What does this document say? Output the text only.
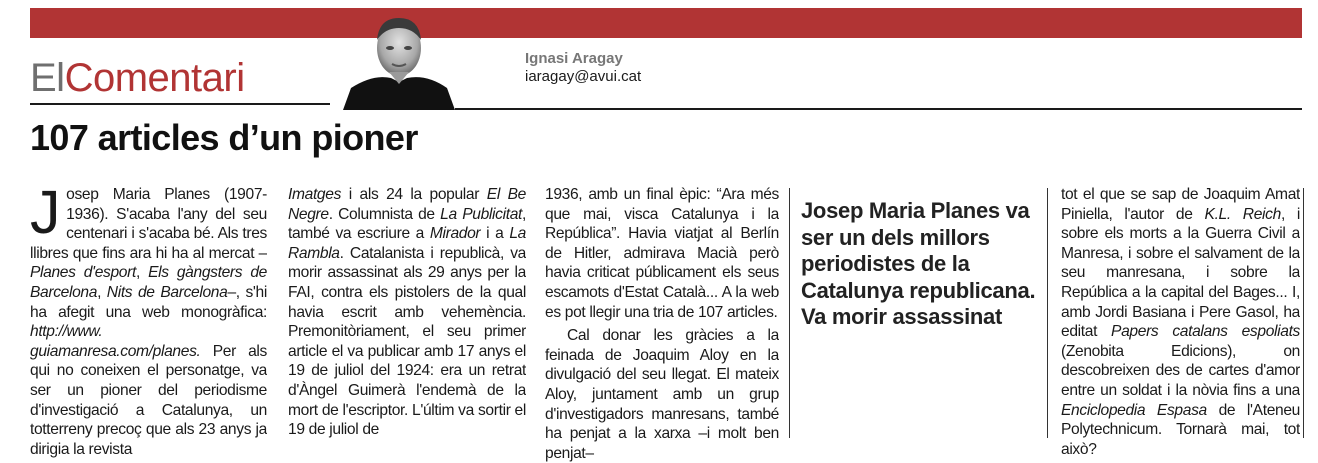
ElComentari	Ignasi Aragay
iaragay@avui.cat
107 articles d’un pioner

Josep Maria Planes (1907-1936). S'acaba l'any del seu centenari i s'acaba bé. Als tres llibres que fins ara hi ha al mercat –Planes d'esport, Els gàngsters de Barcelona, Nits de Barcelona–, s'hi ha afegit una web monogràfica: http://www. guiamanresa.com/planes. Per als qui no coneixen el personatge, va ser un pioner del periodisme d'investigació a Catalunya, un totterreny precoç que als 23 anys ja dirigia la revista

Imatges i als 24 la popular El Be Negre. Columnista de La Publicitat, també va escriure a Mirador i a La Rambla. Catalanista i republicà, va morir assassinat als 29 anys per la FAI, contra els pistolers de la qual havia escrit amb vehemència. Premonitòriament, el seu primer article el va publicar amb 17 anys el 19 de juliol del 1924: era un retrat d'Àngel Guimerà l'endemà de la mort de l'escriptor. L'últim va sortir el 19 de juliol de

1936, amb un final èpic: “Ara més que mai, visca Catalunya i la República”. Havia viatjat al Berlín de Hitler, admirava Macià però havia criticat públicament els seus escamots d'Estat Català... A la web es pot llegir una tria de 107 articles.

Cal donar les gràcies a la feinada de Joaquim Aloy en la divulgació del seu llegat. El mateix Aloy, juntament amb un grup d'investigadors manresans, també ha penjat a la xarxa –i molt ben penjat–

Josep Maria Planes va ser un dels millors periodistes de la Catalunya republicana. Va morir assassinat

tot el que se sap de Joaquim Amat Piniella, l'autor de K.L. Reich, i sobre els morts a la Guerra Civil a Manresa, i sobre el salvament de la seu manresana, i sobre la República a la capital del Bages... I, amb Jordi Basiana i Pere Gasol, ha editat Papers catalans espoliats (Zenobita Edicions), on descobreixen des de cartes d'amor entre un soldat i la nòvia fins a una Enciclopedia Espasa de l'Ateneu Polytechnicum. Tornarà mai, tot això?
